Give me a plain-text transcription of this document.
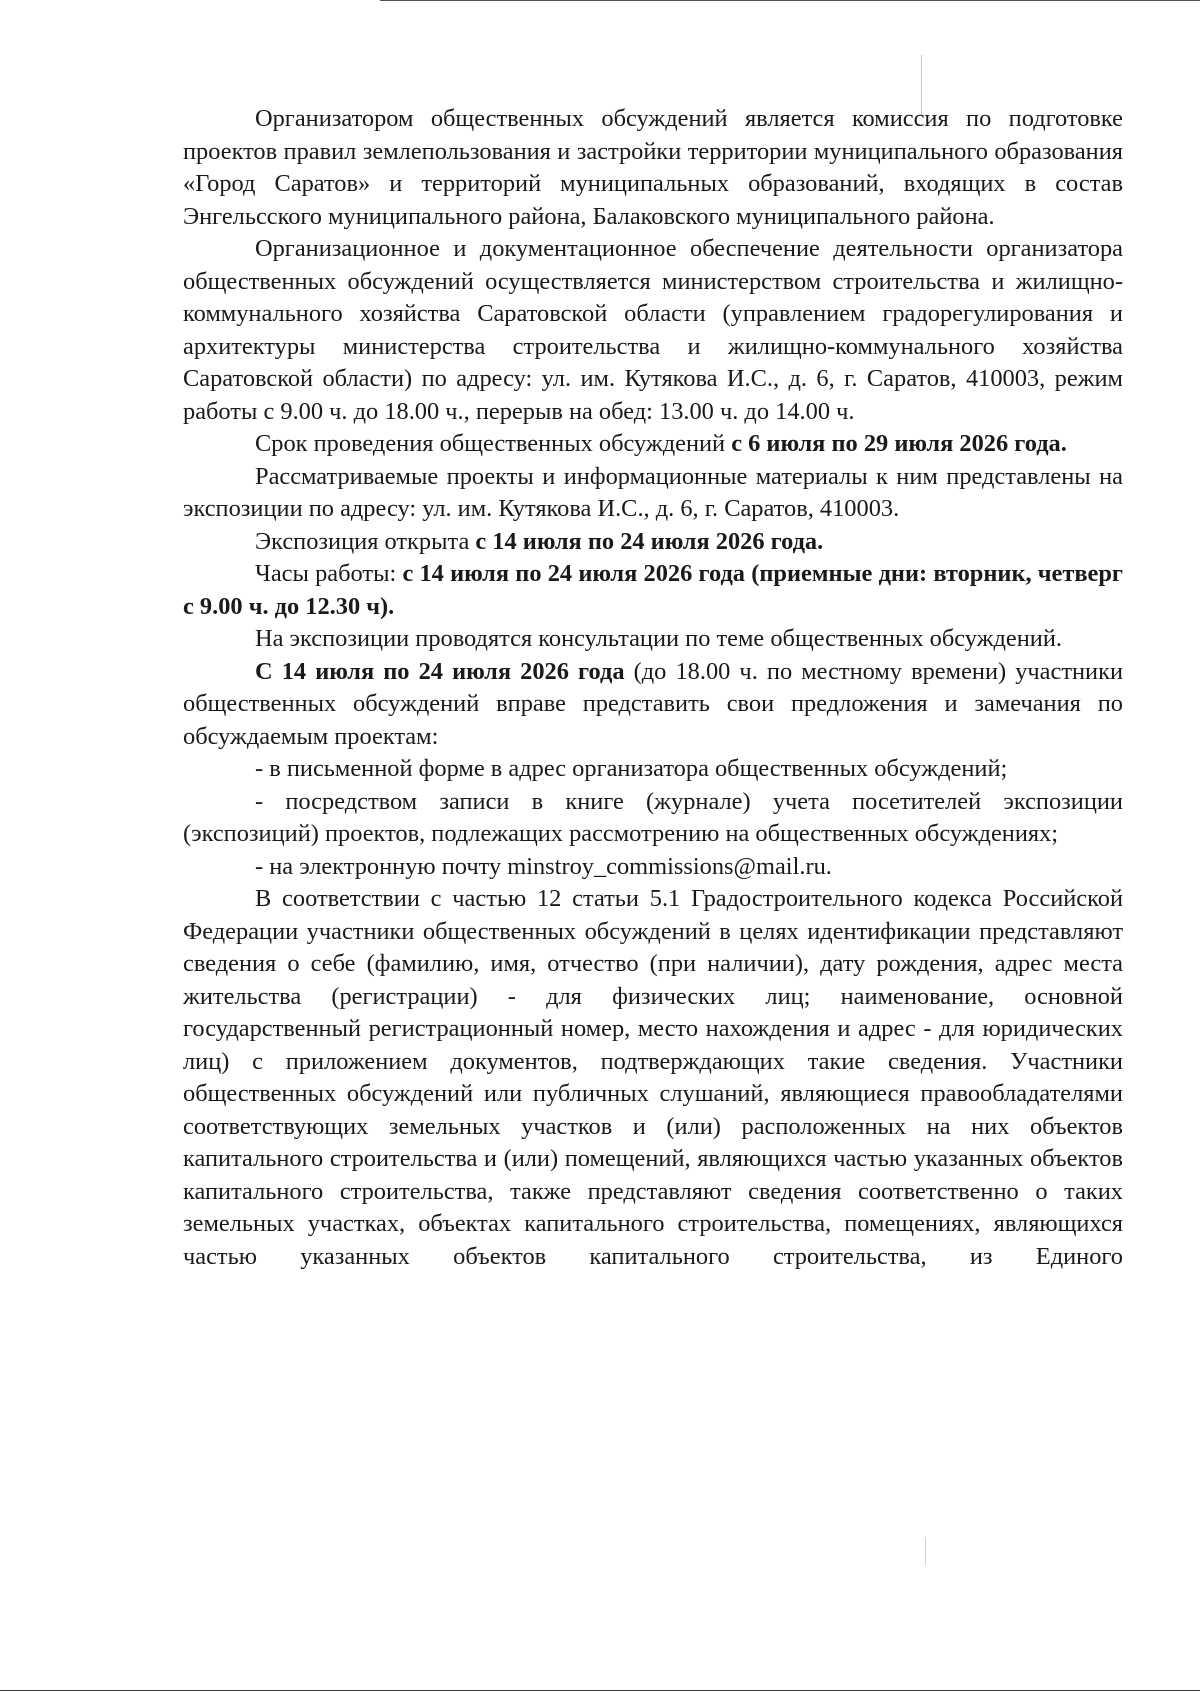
Организатором общественных обсуждений является комиссия по подготовке проектов правил землепользования и застройки территории муниципального образования «Город Саратов» и территорий муниципальных образований, входящих в состав Энгельсского муниципального района, Балаковского муниципального района.

Организационное и документационное обеспечение деятельности организатора общественных обсуждений осуществляется министерством строительства и жилищно-коммунального хозяйства Саратовской области (управлением градорегулирования и архитектуры министерства строительства и жилищно-коммунального хозяйства Саратовской области) по адресу: ул. им. Кутякова И.С., д. 6, г. Саратов, 410003, режим работы с 9.00 ч. до 18.00 ч., перерыв на обед: 13.00 ч. до 14.00 ч.

Срок проведения общественных обсуждений с 6 июля по 29 июля 2026 года.

Рассматриваемые проекты и информационные материалы к ним представлены на экспозиции по адресу: ул. им. Кутякова И.С., д. 6, г. Саратов, 410003.

Экспозиция открыта с 14 июля по 24 июля 2026 года.

Часы работы: с 14 июля по 24 июля 2026 года (приемные дни: вторник, четверг с 9.00 ч. до 12.30 ч).

На экспозиции проводятся консультации по теме общественных обсуждений.

С 14 июля по 24 июля 2026 года (до 18.00 ч. по местному времени) участники общественных обсуждений вправе представить свои предложения и замечания по обсуждаемым проектам:

- в письменной форме в адрес организатора общественных обсуждений;

- посредством записи в книге (журнале) учета посетителей экспозиции (экспозиций) проектов, подлежащих рассмотрению на общественных обсуждениях;

- на электронную почту minstroy_commissions@mail.ru.

В соответствии с частью 12 статьи 5.1 Градостроительного кодекса Российской Федерации участники общественных обсуждений в целях идентификации представляют сведения о себе (фамилию, имя, отчество (при наличии), дату рождения, адрес места жительства (регистрации) - для физических лиц; наименование, основной государственный регистрационный номер, место нахождения и адрес - для юридических лиц) с приложением документов, подтверждающих такие сведения. Участники общественных обсуждений или публичных слушаний, являющиеся правообладателями соответствующих земельных участков и (или) расположенных на них объектов капитального строительства и (или) помещений, являющихся частью указанных объектов капитального строительства, также представляют сведения соответственно о таких земельных участках, объектах капитального строительства, помещениях, являющихся частью указанных объектов капитального строительства, из Единого
